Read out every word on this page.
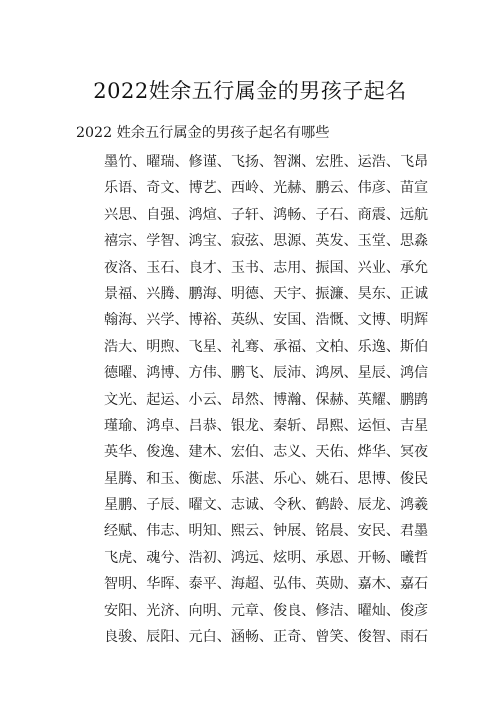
2022姓余五行属金的男孩子起名
2022 姓余五行属金的男孩子起名有哪些
墨竹、曜瑞、修谨、飞扬、智渊、宏胜、运浩、飞昂
乐语、奇文、博艺、西岭、光赫、鹏云、伟彦、苗宣
兴思、自强、鸿煊、子轩、鸿畅、子石、商震、远航
禧宗、学智、鸿宝、寂弦、思源、英发、玉堂、思淼
夜洛、玉石、良才、玉书、志用、振国、兴业、承允
景福、兴腾、鹏海、明德、天宇、振濂、昊东、正诚
翰海、兴学、博裕、英纵、安国、浩慨、文博、明辉
浩大、明煦、飞星、礼骞、承福、文柏、乐逸、斯伯
德曜、鸿博、方伟、鹏飞、辰沛、鸿夙、星辰、鸿信
文光、起运、小云、昂然、博瀚、保赫、英耀、鹏鹍
瑾瑜、鸿卓、吕恭、银龙、秦斩、昂熙、运恒、吉星
英华、俊逸、建木、宏伯、志义、天佑、烨华、冥夜
星腾、和玉、衡虑、乐湛、乐心、姚石、思博、俊民
星鹏、子辰、曜文、志诚、令秋、鹤龄、辰龙、鸿羲
经赋、伟志、明知、熙云、钟展、铭晨、安民、君墨
飞虎、魂兮、浩初、鸿远、炫明、承恩、开畅、曦哲
智明、华晖、泰平、海超、弘伟、英勋、嘉木、嘉石
安阳、光济、向明、元章、俊良、修洁、曜灿、俊彦
良骏、辰阳、元白、涵畅、正奇、曾笑、俊智、雨石
